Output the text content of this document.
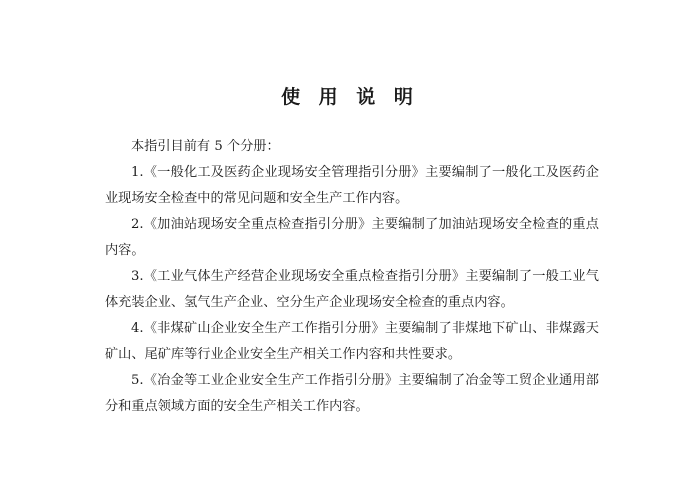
使 用 说 明

本指引目前有 5 个分册：

1.《一般化工及医药企业现场安全管理指引分册》主要编制了一般化工及医药企业现场安全检查中的常见问题和安全生产工作内容。

2.《加油站现场安全重点检查指引分册》主要编制了加油站现场安全检查的重点内容。

3.《工业气体生产经营企业现场安全重点检查指引分册》主要编制了一般工业气体充装企业、氢气生产企业、空分生产企业现场安全检查的重点内容。

4.《非煤矿山企业安全生产工作指引分册》主要编制了非煤地下矿山、非煤露天矿山、尾矿库等行业企业安全生产相关工作内容和共性要求。

5.《冶金等工业企业安全生产工作指引分册》主要编制了冶金等工贸企业通用部分和重点领域方面的安全生产相关工作内容。
